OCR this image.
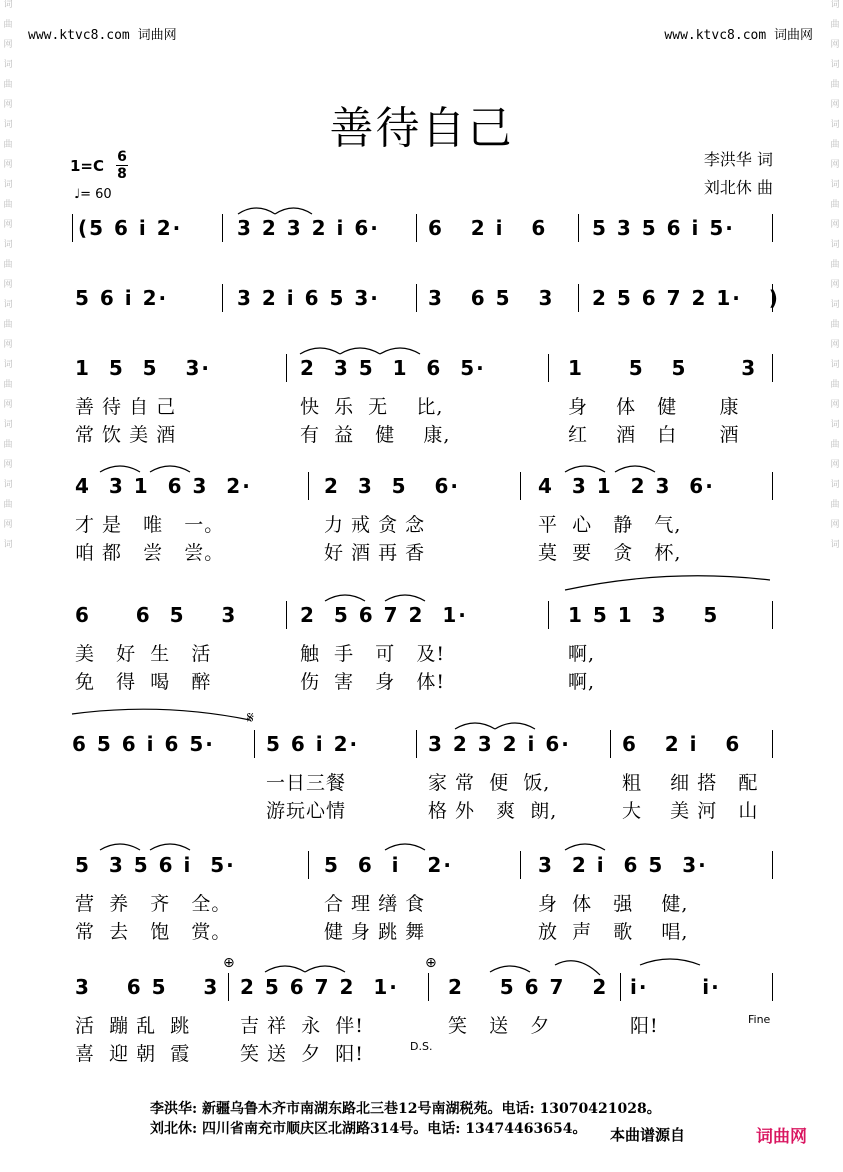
词
曲
网
词
曲
网
词
曲
网
词
曲
网
词
曲
网
词
曲
网
词
曲
网
词
曲
网
词
曲
网
词
词
曲
网
词
曲
网
词
曲
网
词
曲
网
词
曲
网
词
曲
网
词
曲
网
词
曲
网
词
曲
网
词
www.ktvc8.com 词曲网	www.ktvc8.com 词曲网
善待自己
1=C 6
8
♩= 60
李洪华 词
刘北休 曲
(5 6 i 2·	3 2 3 2 i 6· 6   2 i   6 5 3 5 6 i 5·
5 6 i 2·	3 2 i 6 5 3· 3   6 5   3 2 5 6 7 2 1·   )
1  5  5   3·
善 待 自 己
常 饮 美 酒
2  3 5  1  6  5·
快  乐  无    比,
有  益   健    康,
1     5   5      3
身    体   健      康
红    酒   白      酒
4  3 1  6 3  2·
才 是   唯   一。
咱 都   尝   尝。
2  3  5   6·
力 戒 贪 念
好 酒 再 香
4  3 1  2 3  6·
平  心   静   气,
莫  要   贪   杯,
6     6  5    3
美   好  生   活
免   得  喝   醉
2  5 6 7 2  1·
触  手   可   及!
伤  害   身   体!
1 5 1  3    5
啊,
啊,
6 5 6 i 6 5·	5 6 i 2·
一日三餐
游玩心情
3 2 3 2 i 6·
家 常  便  饭,
格 外   爽  朗,
6   2 i   6
粗    细 搭   配
大    美 河   山
5  3 5 6 i  5·
营  养   齐   全。
常  去   饱   赏。
5  6  i   2·
合 理 缮 食
健 身 跳 舞
3  2 i  6 5  3·
身  体   强    健,
放  声   歌    唱,
3    6 5    3
活  蹦 乱  跳
喜  迎 朝  霞
2 5 6 7 2  1·
吉 祥  永  伴!
笑 送  夕  阳!
2    5 6 7   2
笑   送   夕
i·      i·
阳!
𝄋
⊕	⊕
Fine
D.S.
李洪华: 新疆乌鲁木齐市南湖东路北三巷12号南湖税苑。电话: 13070421028。
刘北休: 四川省南充市顺庆区北湖路314号。电话: 13474463654。 本曲谱源自	词曲网
